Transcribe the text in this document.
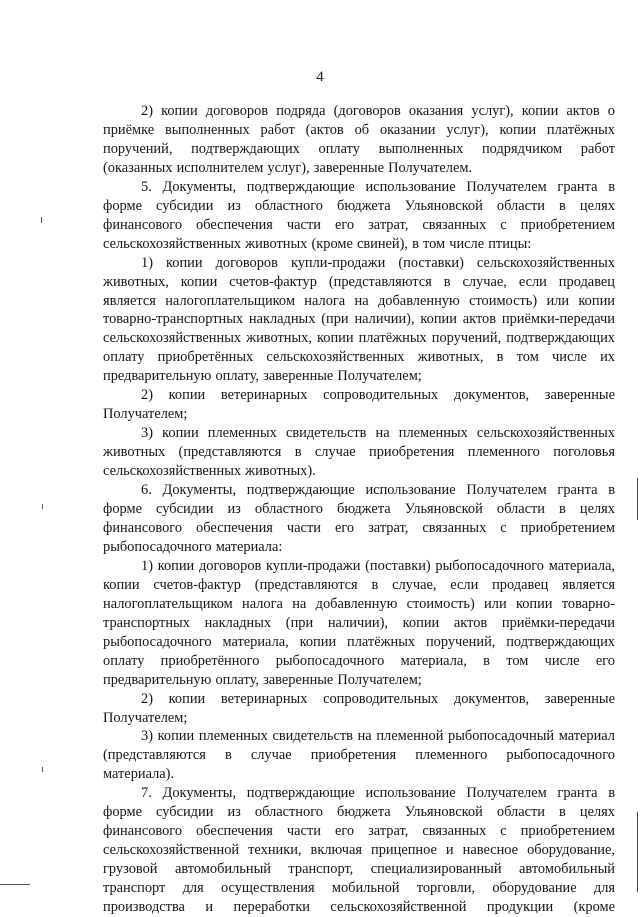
4

2) копии договоров подряда (договоров оказания услуг), копии актов о приёмке выполненных работ (актов об оказании услуг), копии платёжных поручений, подтверждающих оплату выполненных подрядчиком работ (оказанных исполнителем услуг), заверенные Получателем.

5. Документы, подтверждающие использование Получателем гранта в форме субсидии из областного бюджета Ульяновской области в целях финансового обеспечения части его затрат, связанных с приобретением сельскохозяйственных животных (кроме свиней), в том числе птицы:

1) копии договоров купли-продажи (поставки) сельскохозяйственных животных, копии счетов-фактур (представляются в случае, если продавец является налогоплательщиком налога на добавленную стоимость) или копии товарно-транспортных накладных (при наличии), копии актов приёмки-передачи сельскохозяйственных животных, копии платёжных поручений, подтверждающих оплату приобретённых сельскохозяйственных животных, в том числе их предварительную оплату, заверенные Получателем;

2) копии ветеринарных сопроводительных документов, заверенные Получателем;

3) копии племенных свидетельств на племенных сельскохозяйственных животных (представляются в случае приобретения племенного поголовья сельскохозяйственных животных).

6. Документы, подтверждающие использование Получателем гранта в форме субсидии из областного бюджета Ульяновской области в целях финансового обеспечения части его затрат, связанных с приобретением рыбопосадочного материала:

1) копии договоров купли-продажи (поставки) рыбопосадочного материала, копии счетов-фактур (представляются в случае, если продавец является налогоплательщиком налога на добавленную стоимость) или копии товарно-транспортных накладных (при наличии), копии актов приёмки-передачи рыбопосадочного материала, копии платёжных поручений, подтверждающих оплату приобретённого рыбопосадочного материала, в том числе его предварительную оплату, заверенные Получателем;

2) копии ветеринарных сопроводительных документов, заверенные Получателем;

3) копии племенных свидетельств на племенной рыбопосадочный материал (представляются в случае приобретения племенного рыбопосадочного материала).

7. Документы, подтверждающие использование Получателем гранта в форме субсидии из областного бюджета Ульяновской области в целях финансового обеспечения части его затрат, связанных с приобретением сельскохозяйственной техники, включая прицепное и навесное оборудование, грузовой автомобильный транспорт, специализированный автомобильный транспорт для осуществления мобильной торговли, оборудование для производства и переработки сельскохозяйственной продукции (кроме
